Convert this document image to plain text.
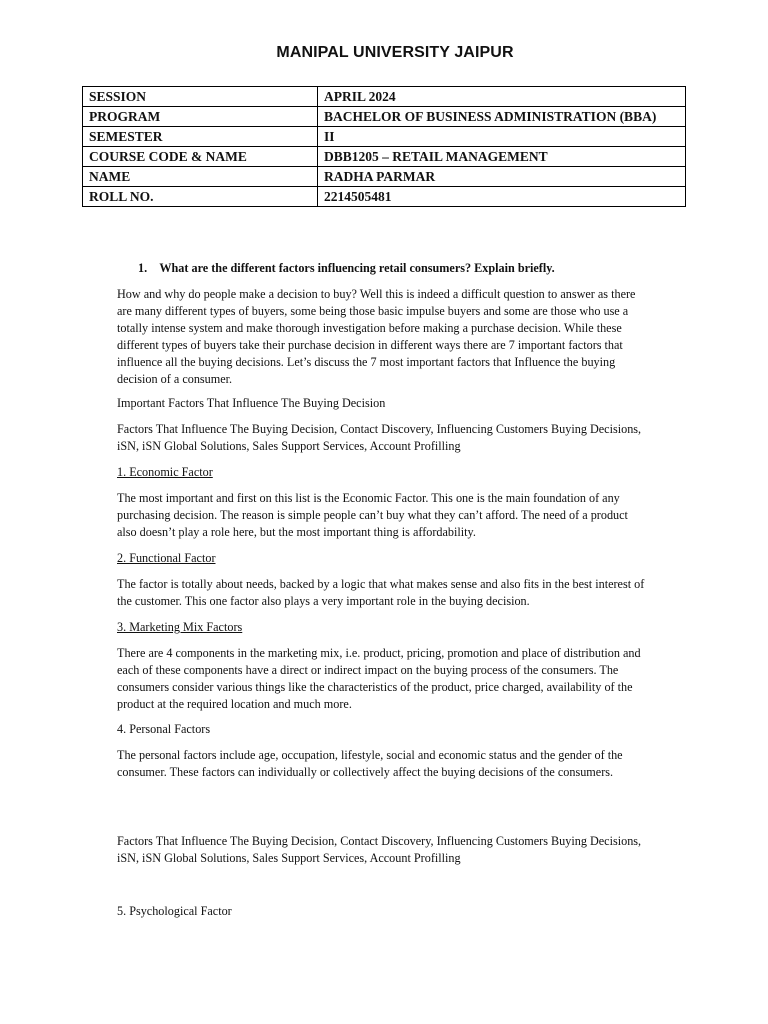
MANIPAL UNIVERSITY JAIPUR
SESSION	APRIL 2024
PROGRAM	BACHELOR OF BUSINESS ADMINISTRATION (BBA)
SEMESTER	II
COURSE CODE & NAME	DBB1205 – RETAIL MANAGEMENT
NAME	RADHA PARMAR
ROLL NO.	2214505481
1. What are the different factors influencing retail consumers? Explain briefly.
How and why do people make a decision to buy? Well this is indeed a difficult question to answer as there are many different types of buyers, some being those basic impulse buyers and some are those who use a totally intense system and make thorough investigation before making a purchase decision. While these different types of buyers take their purchase decision in different ways there are 7 important factors that influence all the buying decisions. Let’s discuss the 7 most important factors that Influence the buying decision of a consumer.
Important Factors That Influence The Buying Decision
Factors That Influence The Buying Decision, Contact Discovery, Influencing Customers Buying Decisions, iSN, iSN Global Solutions, Sales Support Services, Account Profilling
1. Economic Factor
The most important and first on this list is the Economic Factor. This one is the main foundation of any purchasing decision. The reason is simple people can’t buy what they can’t afford. The need of a product also doesn’t play a role here, but the most important thing is affordability.
2. Functional Factor
The factor is totally about needs, backed by a logic that what makes sense and also fits in the best interest of the customer. This one factor also plays a very important role in the buying decision.
3. Marketing Mix Factors
There are 4 components in the marketing mix, i.e. product, pricing, promotion and place of distribution and each of these components have a direct or indirect impact on the buying process of the consumers. The consumers consider various things like the characteristics of the product, price charged, availability of the product at the required location and much more.
4. Personal Factors
The personal factors include age, occupation, lifestyle, social and economic status and the gender of the consumer. These factors can individually or collectively affect the buying decisions of the consumers.
Factors That Influence The Buying Decision, Contact Discovery, Influencing Customers Buying Decisions, iSN, iSN Global Solutions, Sales Support Services, Account Profilling
5. Psychological Factor
